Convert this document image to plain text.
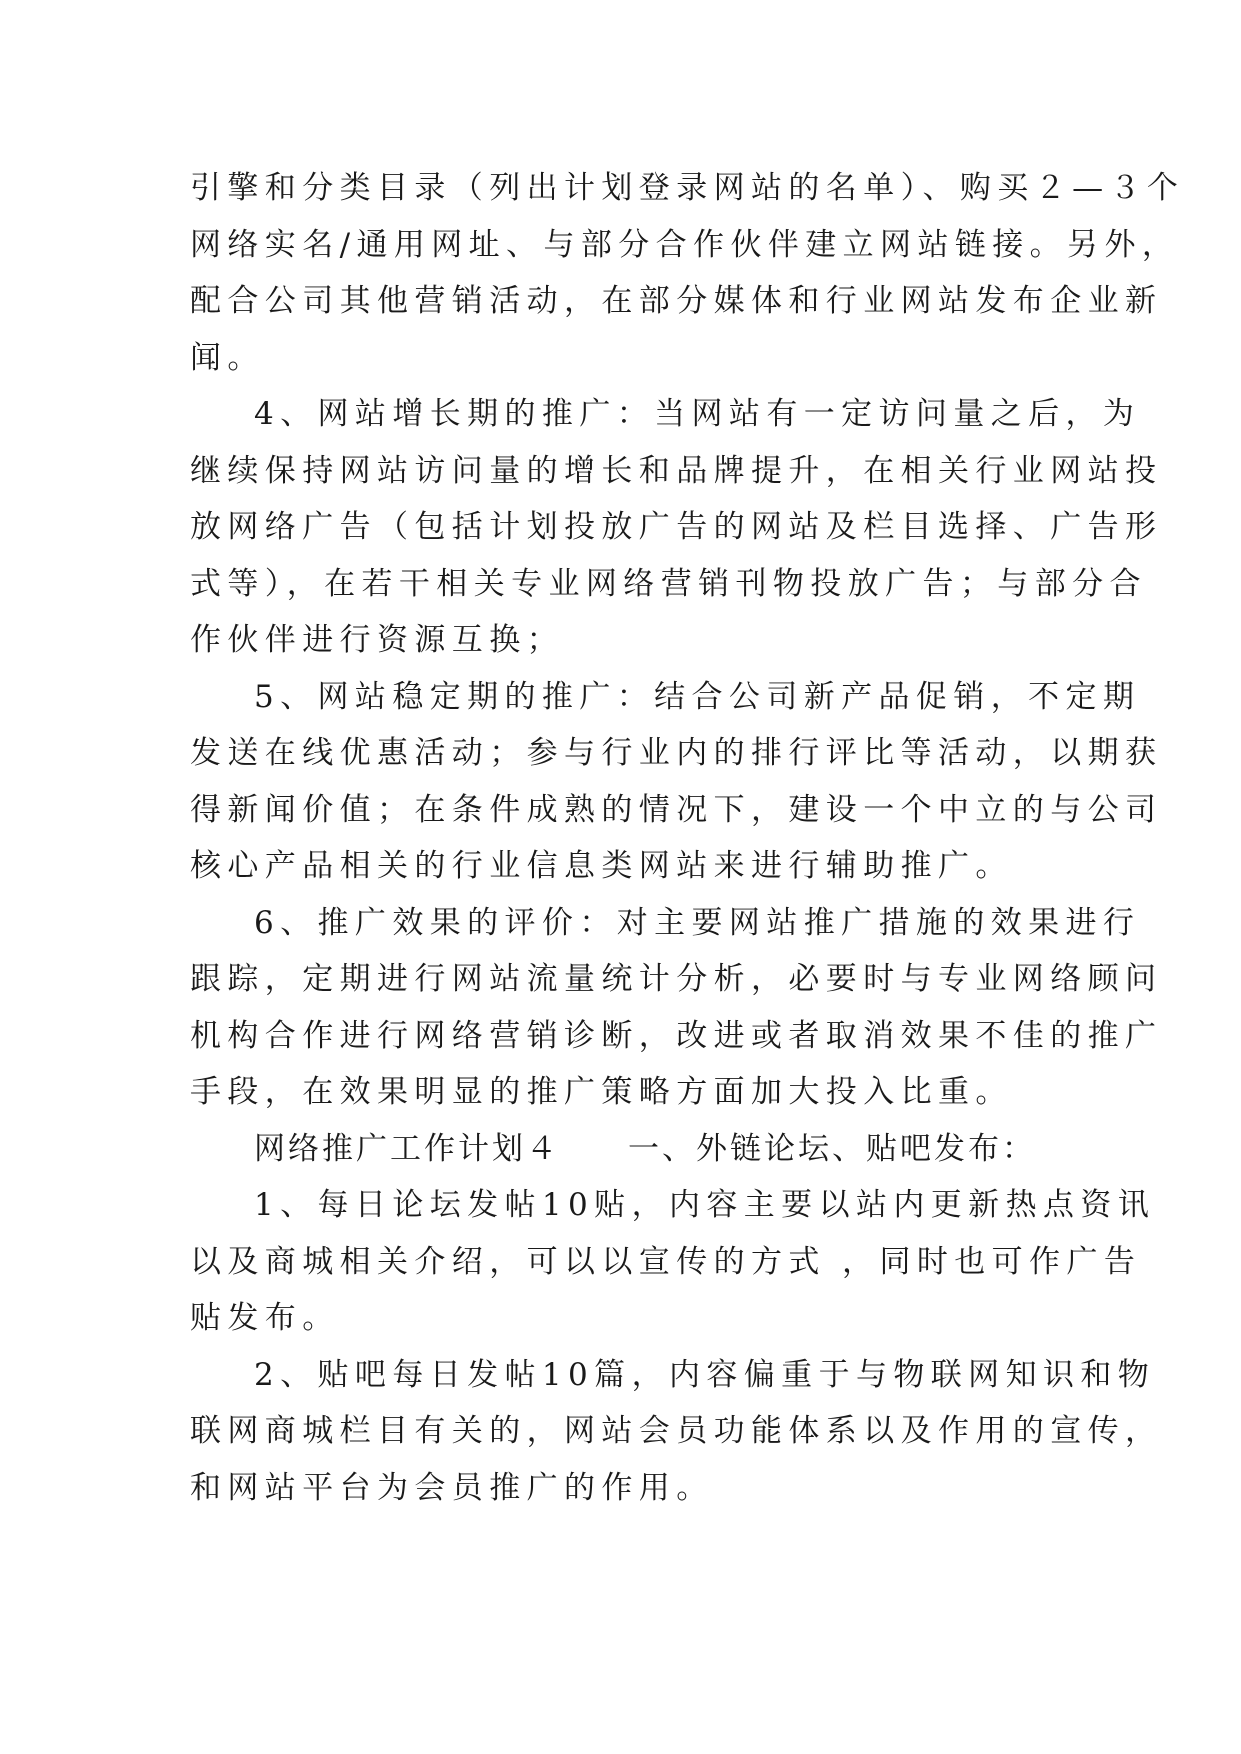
引擎和分类目录（列出计划登录网站的名单）、购买２—３个
网络实名/通用网址、与部分合作伙伴建立网站链接。另外，
配合公司其他营销活动，在部分媒体和行业网站发布企业新
闻。

4、网站增长期的推广：当网站有一定访问量之后，为
继续保持网站访问量的增长和品牌提升，在相关行业网站投
放网络广告（包括计划投放广告的网站及栏目选择、广告形
式等），在若干相关专业网络营销刊物投放广告；与部分合
作伙伴进行资源互换；

5、网站稳定期的推广：结合公司新产品促销，不定期
发送在线优惠活动；参与行业内的排行评比等活动，以期获
得新闻价值；在条件成熟的情况下，建设一个中立的与公司
核心产品相关的行业信息类网站来进行辅助推广。

6、推广效果的评价：对主要网站推广措施的效果进行
跟踪，定期进行网站流量统计分析，必要时与专业网络顾问
机构合作进行网络营销诊断，改进或者取消效果不佳的推广
手段，在效果明显的推广策略方面加大投入比重。

网络推广工作计划４　　一、外链论坛、贴吧发布：

1、每日论坛发帖10贴，内容主要以站内更新热点资讯
以及商城相关介绍，可以以宣传的方式 ，同时也可作广告
贴发布。

2、贴吧每日发帖10篇，内容偏重于与物联网知识和物
联网商城栏目有关的，网站会员功能体系以及作用的宣传，
和网站平台为会员推广的作用。
